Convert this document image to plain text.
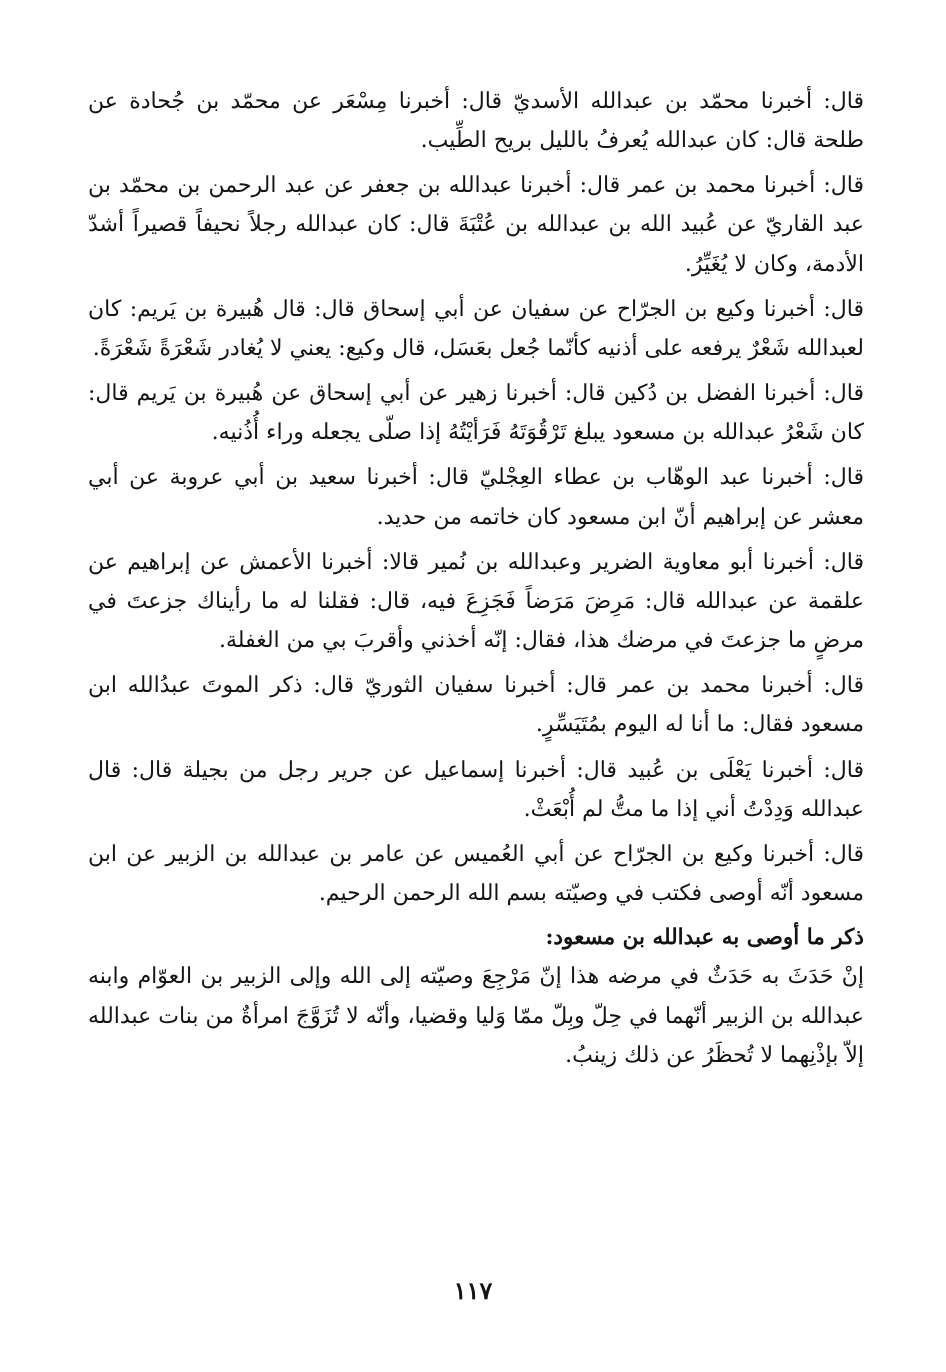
قال: أخبرنا محمّد بن عبدالله الأسديّ قال: أخبرنا مِسْعَر عن محمّد بن جُحادة عن طلحة قال: كان عبدالله يُعرفُ بالليل بريح الطِّيب.

قال: أخبرنا محمد بن عمر قال: أخبرنا عبدالله بن جعفر عن عبد الرحمن بن محمّد بن عبد القاريّ عن عُبيد الله بن عبدالله بن عُتْبَةَ قال: كان عبدالله رجلاً نحيفاً قصيراً أشدّ الأدمة، وكان لا يُغَيِّرُ.

قال: أخبرنا وكيع بن الجرّاح عن سفيان عن أبي إسحاق قال: قال هُبيرة بن يَريم: كان لعبدالله شَعْرٌ يرفعه على أذنيه كأنّما جُعل بعَسَل، قال وكيع: يعني لا يُغادر شَعْرَةً شَعْرَةً.

قال: أخبرنا الفضل بن دُكين قال: أخبرنا زهير عن أبي إسحاق عن هُبيرة بن يَريم قال: كان شَعْرُ عبدالله بن مسعود يبلغ تَرْقُوَتَهُ فَرَأيْتُهُ إذا صلّى يجعله وراء أُذُنيه.

قال: أخبرنا عبد الوهّاب بن عطاء العِجْليّ قال: أخبرنا سعيد بن أبي عروبة عن أبي معشر عن إبراهيم أنّ ابن مسعود كان خاتمه من حديد.

قال: أخبرنا أبو معاوية الضرير وعبدالله بن نُمير قالا: أخبرنا الأعمش عن إبراهيم عن علقمة عن عبدالله قال: مَرِضَ مَرَضاً فَجَزِعَ فيه، قال: فقلنا له ما رأيناك جزعتَ في مرضٍ ما جزعتَ في مرضك هذا، فقال: إنّه أخذني وأقربَ بي من الغفلة.

قال: أخبرنا محمد بن عمر قال: أخبرنا سفيان الثوريّ قال: ذكر الموتَ عبدُالله ابن مسعود فقال: ما أنا له اليوم بمُتَيَسِّرٍ.

قال: أخبرنا يَعْلَى بن عُبيد قال: أخبرنا إسماعيل عن جرير رجل من بجيلة قال: قال عبدالله وَدِدْتُ أني إذا ما متُّ لم أُبْعَثْ.

قال: أخبرنا وكيع بن الجرّاح عن أبي العُميس عن عامر بن عبدالله بن الزبير عن ابن مسعود أنّه أوصى فكتب في وصيّته بسم الله الرحمن الرحيم.

ذكر ما أوصى به عبدالله بن مسعود:

إنْ حَدَثَ به حَدَثٌ في مرضه هذا إنّ مَرْجِعَ وصيّته إلى الله وإلى الزبير بن العوّام وابنه عبدالله بن الزبير أنّهما في حِلّ وبِلّ ممّا وَليا وقضيا، وأنّه لا تُزَوَّجَ امرأةٌ من بنات عبدالله إلاّ بإذْنِهما لا تُحظَرُ عن ذلك زينبُ.

١١٧
